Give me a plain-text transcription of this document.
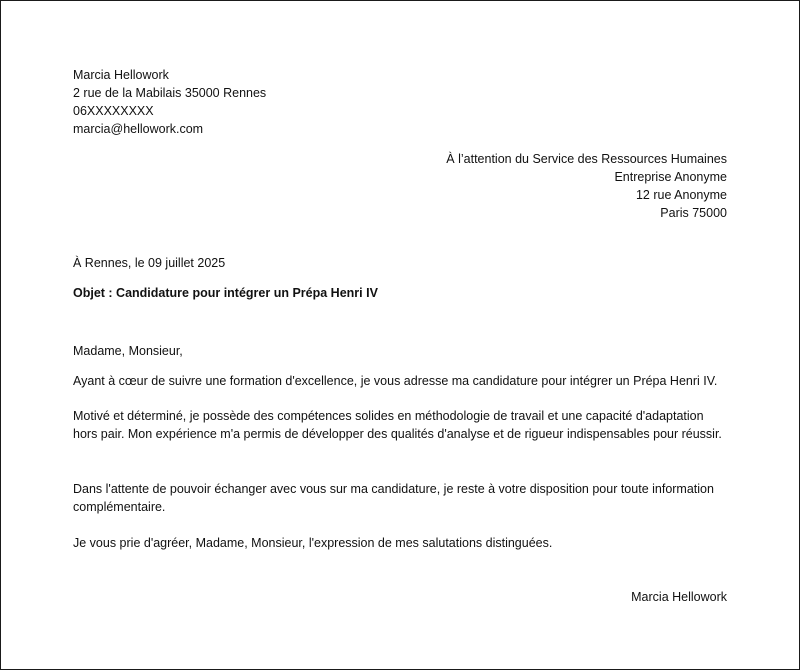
Marcia Hellowork
2 rue de la Mabilais 35000 Rennes
06XXXXXXXX
marcia@hellowork.com
À l’attention du Service des Ressources Humaines
Entreprise Anonyme
12 rue Anonyme
Paris 75000
À Rennes, le 09 juillet 2025
Objet : Candidature pour intégrer un Prépa Henri IV
Madame, Monsieur,
Ayant à cœur de suivre une formation d'excellence, je vous adresse ma candidature pour intégrer un Prépa Henri IV.
Motivé et déterminé, je possède des compétences solides en méthodologie de travail et une capacité d'adaptation hors pair. Mon expérience m'a permis de développer des qualités d'analyse et de rigueur indispensables pour réussir.
Dans l'attente de pouvoir échanger avec vous sur ma candidature, je reste à votre disposition pour toute information complémentaire.
Je vous prie d'agréer, Madame, Monsieur, l'expression de mes salutations distinguées.
Marcia Hellowork
